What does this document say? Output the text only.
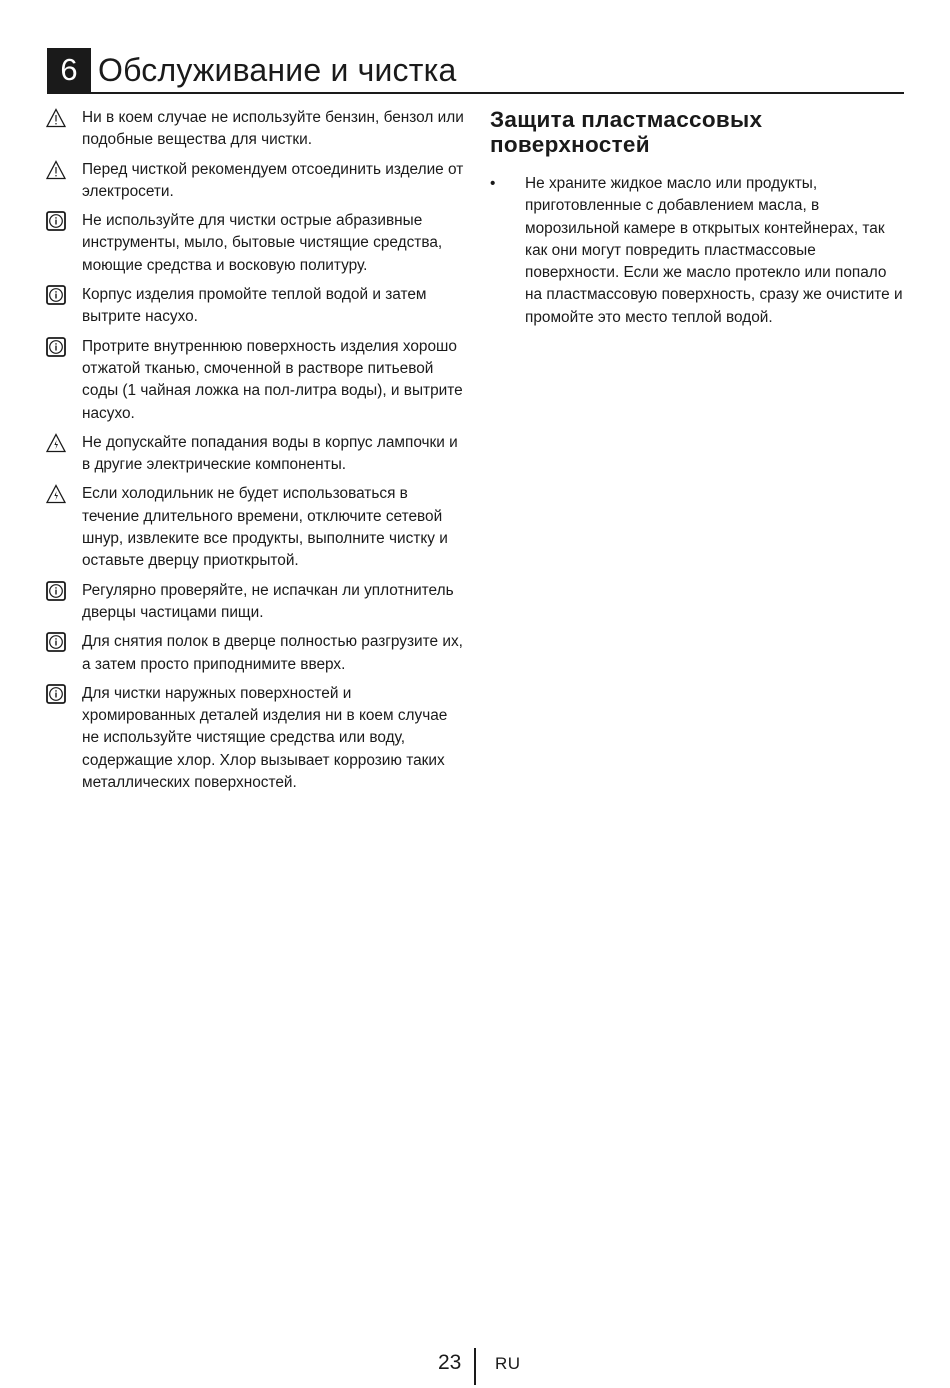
6 Обслуживание и чистка
Ни в коем случае не используйте бензин, бензол или подобные вещества для чистки.
Перед чисткой рекомендуем отсоединить изделие от электросети.
Не используйте для чистки острые абразивные инструменты, мыло, бытовые чистящие средства, моющие средства и восковую политуру.
Корпус изделия промойте теплой водой и затем вытрите насухо.
Протрите внутреннюю поверхность изделия хорошо отжатой тканью, смоченной в растворе питьевой соды (1 чайная ложка на пол-литра воды), и вытрите насухо.
Не допускайте попадания воды в корпус лампочки и в другие электрические компоненты.
Если холодильник не будет использоваться в течение длительного времени, отключите сетевой шнур, извлеките все продукты, выполните чистку и оставьте дверцу приоткрытой.
Регулярно проверяйте, не испачкан ли уплотнитель дверцы частицами пищи.
Для снятия полок в дверце полностью разгрузите их, а затем просто приподнимите вверх.
Для чистки наружных поверхностей и хромированных деталей изделия ни в коем случае не используйте чистящие средства или воду, содержащие хлор. Хлор вызывает коррозию таких металлических поверхностей.
Защита пластмассовых поверхностей
• Не храните жидкое масло или продукты, приготовленные с добавлением масла, в морозильной камере в открытых контейнерах, так как они могут повредить пластмассовые поверхности. Если же масло протекло или попало на пластмассовую поверхность, сразу же очистите и промойте это место теплой водой.
23 RU
